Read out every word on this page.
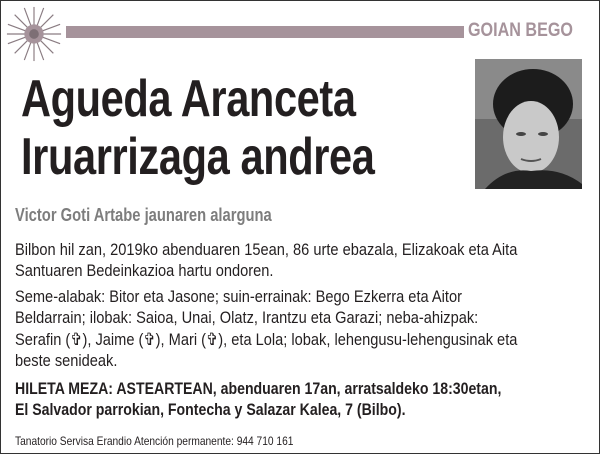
GOIAN BEGO
Agueda Aranceta
Iruarrizaga andrea
Victor Goti Artabe jaunaren alarguna
Bilbon hil zan, 2019ko abenduaren 15ean, 86 urte ebazala, Elizakoak eta Aita
Santuaren Bedeinkazioa hartu ondoren.
Seme-alabak: Bitor eta Jasone; suin-errainak: Bego Ezkerra eta Aitor
Beldarrain; ilobak: Saioa, Unai, Olatz, Irantzu eta Garazi; neba-ahizpak:
Serafin (✞), Jaime (✞), Mari (✞), eta Lola; lobak, lehengusu-lehengusinak eta
beste senideak.
HILETA MEZA: ASTEARTEAN, abenduaren 17an, arratsaldeko 18:30etan,
El Salvador parrokian, Fontecha y Salazar Kalea, 7 (Bilbo).
Tanatorio Servisa Erandio Atención permanente: 944 710 161
